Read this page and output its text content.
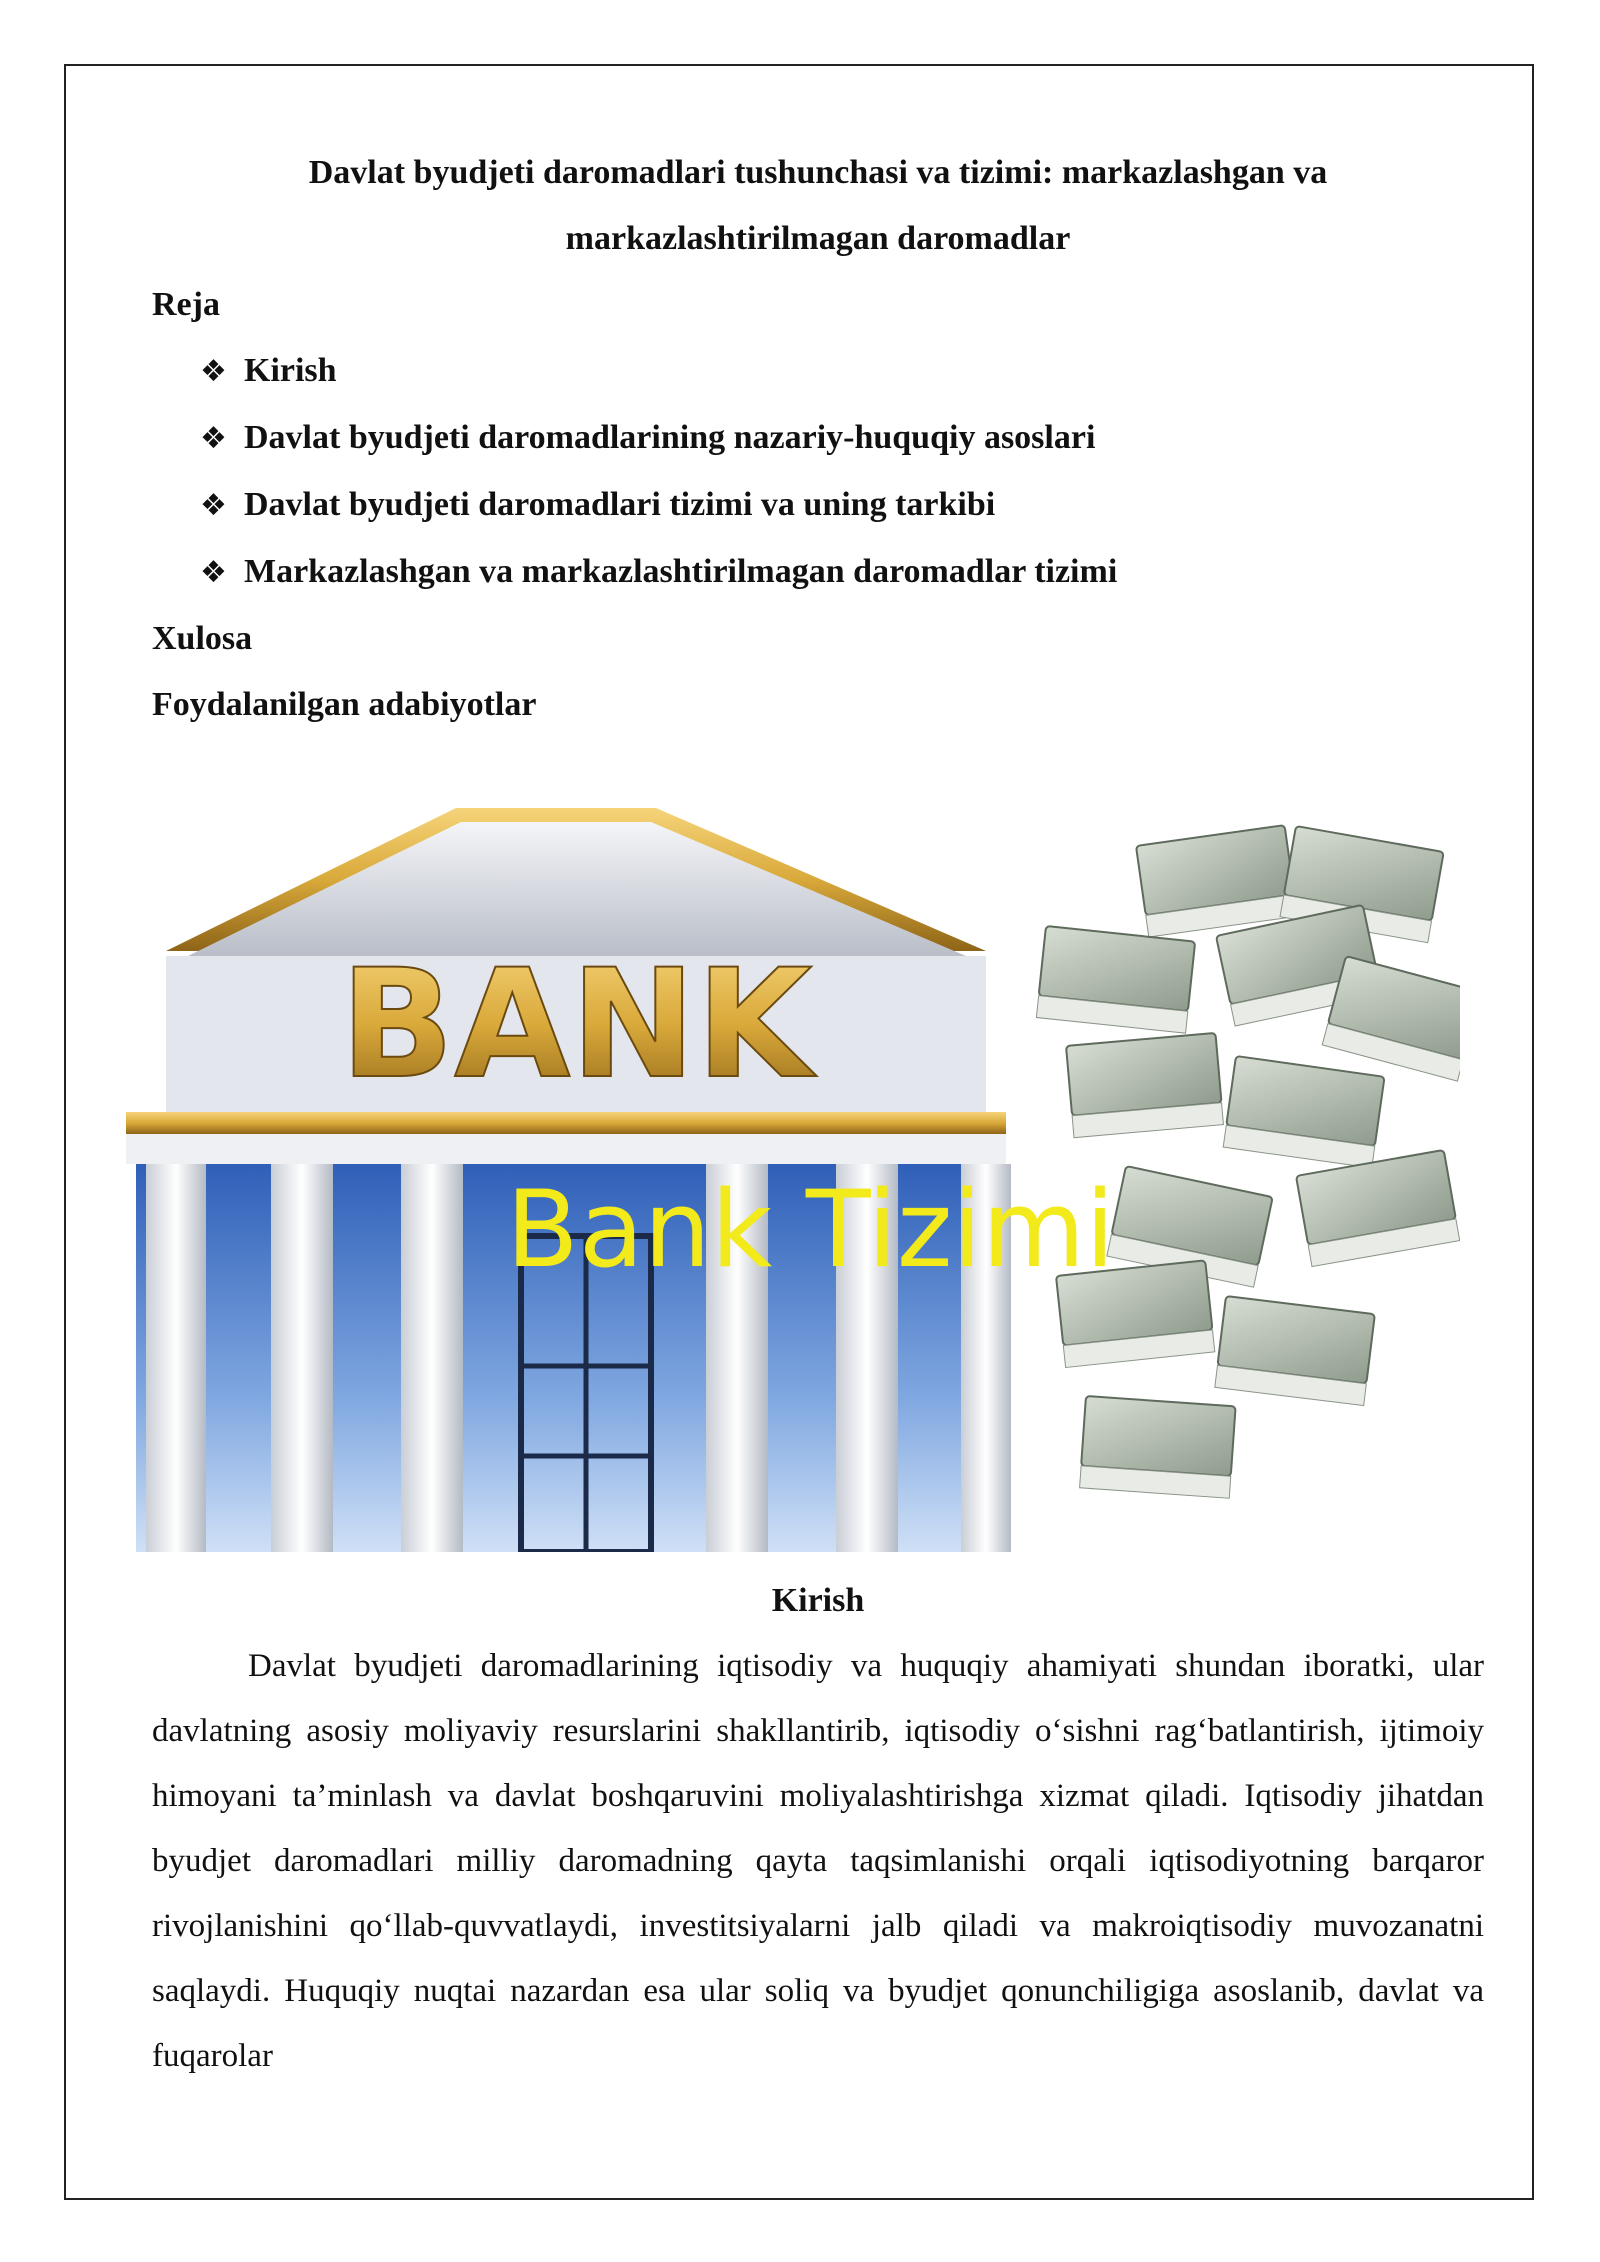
Davlat byudjeti daromadlari tushunchasi va tizimi: markazlashgan va
markazlashtirilmagan daromadlar
Reja
❖ Kirish
❖ Davlat byudjeti daromadlarining nazariy-huquqiy asoslari
❖ Davlat byudjeti daromadlari tizimi va uning tarkibi
❖ Markazlashgan va markazlashtirilmagan daromadlar tizimi
Xulosa
Foydalanilgan adabiyotlar
BANK
Bank Tizimi
Kirish

Davlat byudjeti daromadlarining iqtisodiy va huquqiy ahamiyati shundan iboratki, ular davlatning asosiy moliyaviy resurslarini shakllantirib, iqtisodiy o‘sishni rag‘batlantirish, ijtimoiy himoyani ta’minlash va davlat boshqaruvini moliyalashtirishga xizmat qiladi. Iqtisodiy jihatdan byudjet daromadlari milliy daromadning qayta taqsimlanishi orqali iqtisodiyotning barqaror rivojlanishini qo‘llab-quvvatlaydi, investitsiyalarni jalb qiladi va makroiqtisodiy muvozanatni saqlaydi. Huquqiy nuqtai nazardan esa ular soliq va byudjet qonunchiligiga asoslanib, davlat va fuqarolar
